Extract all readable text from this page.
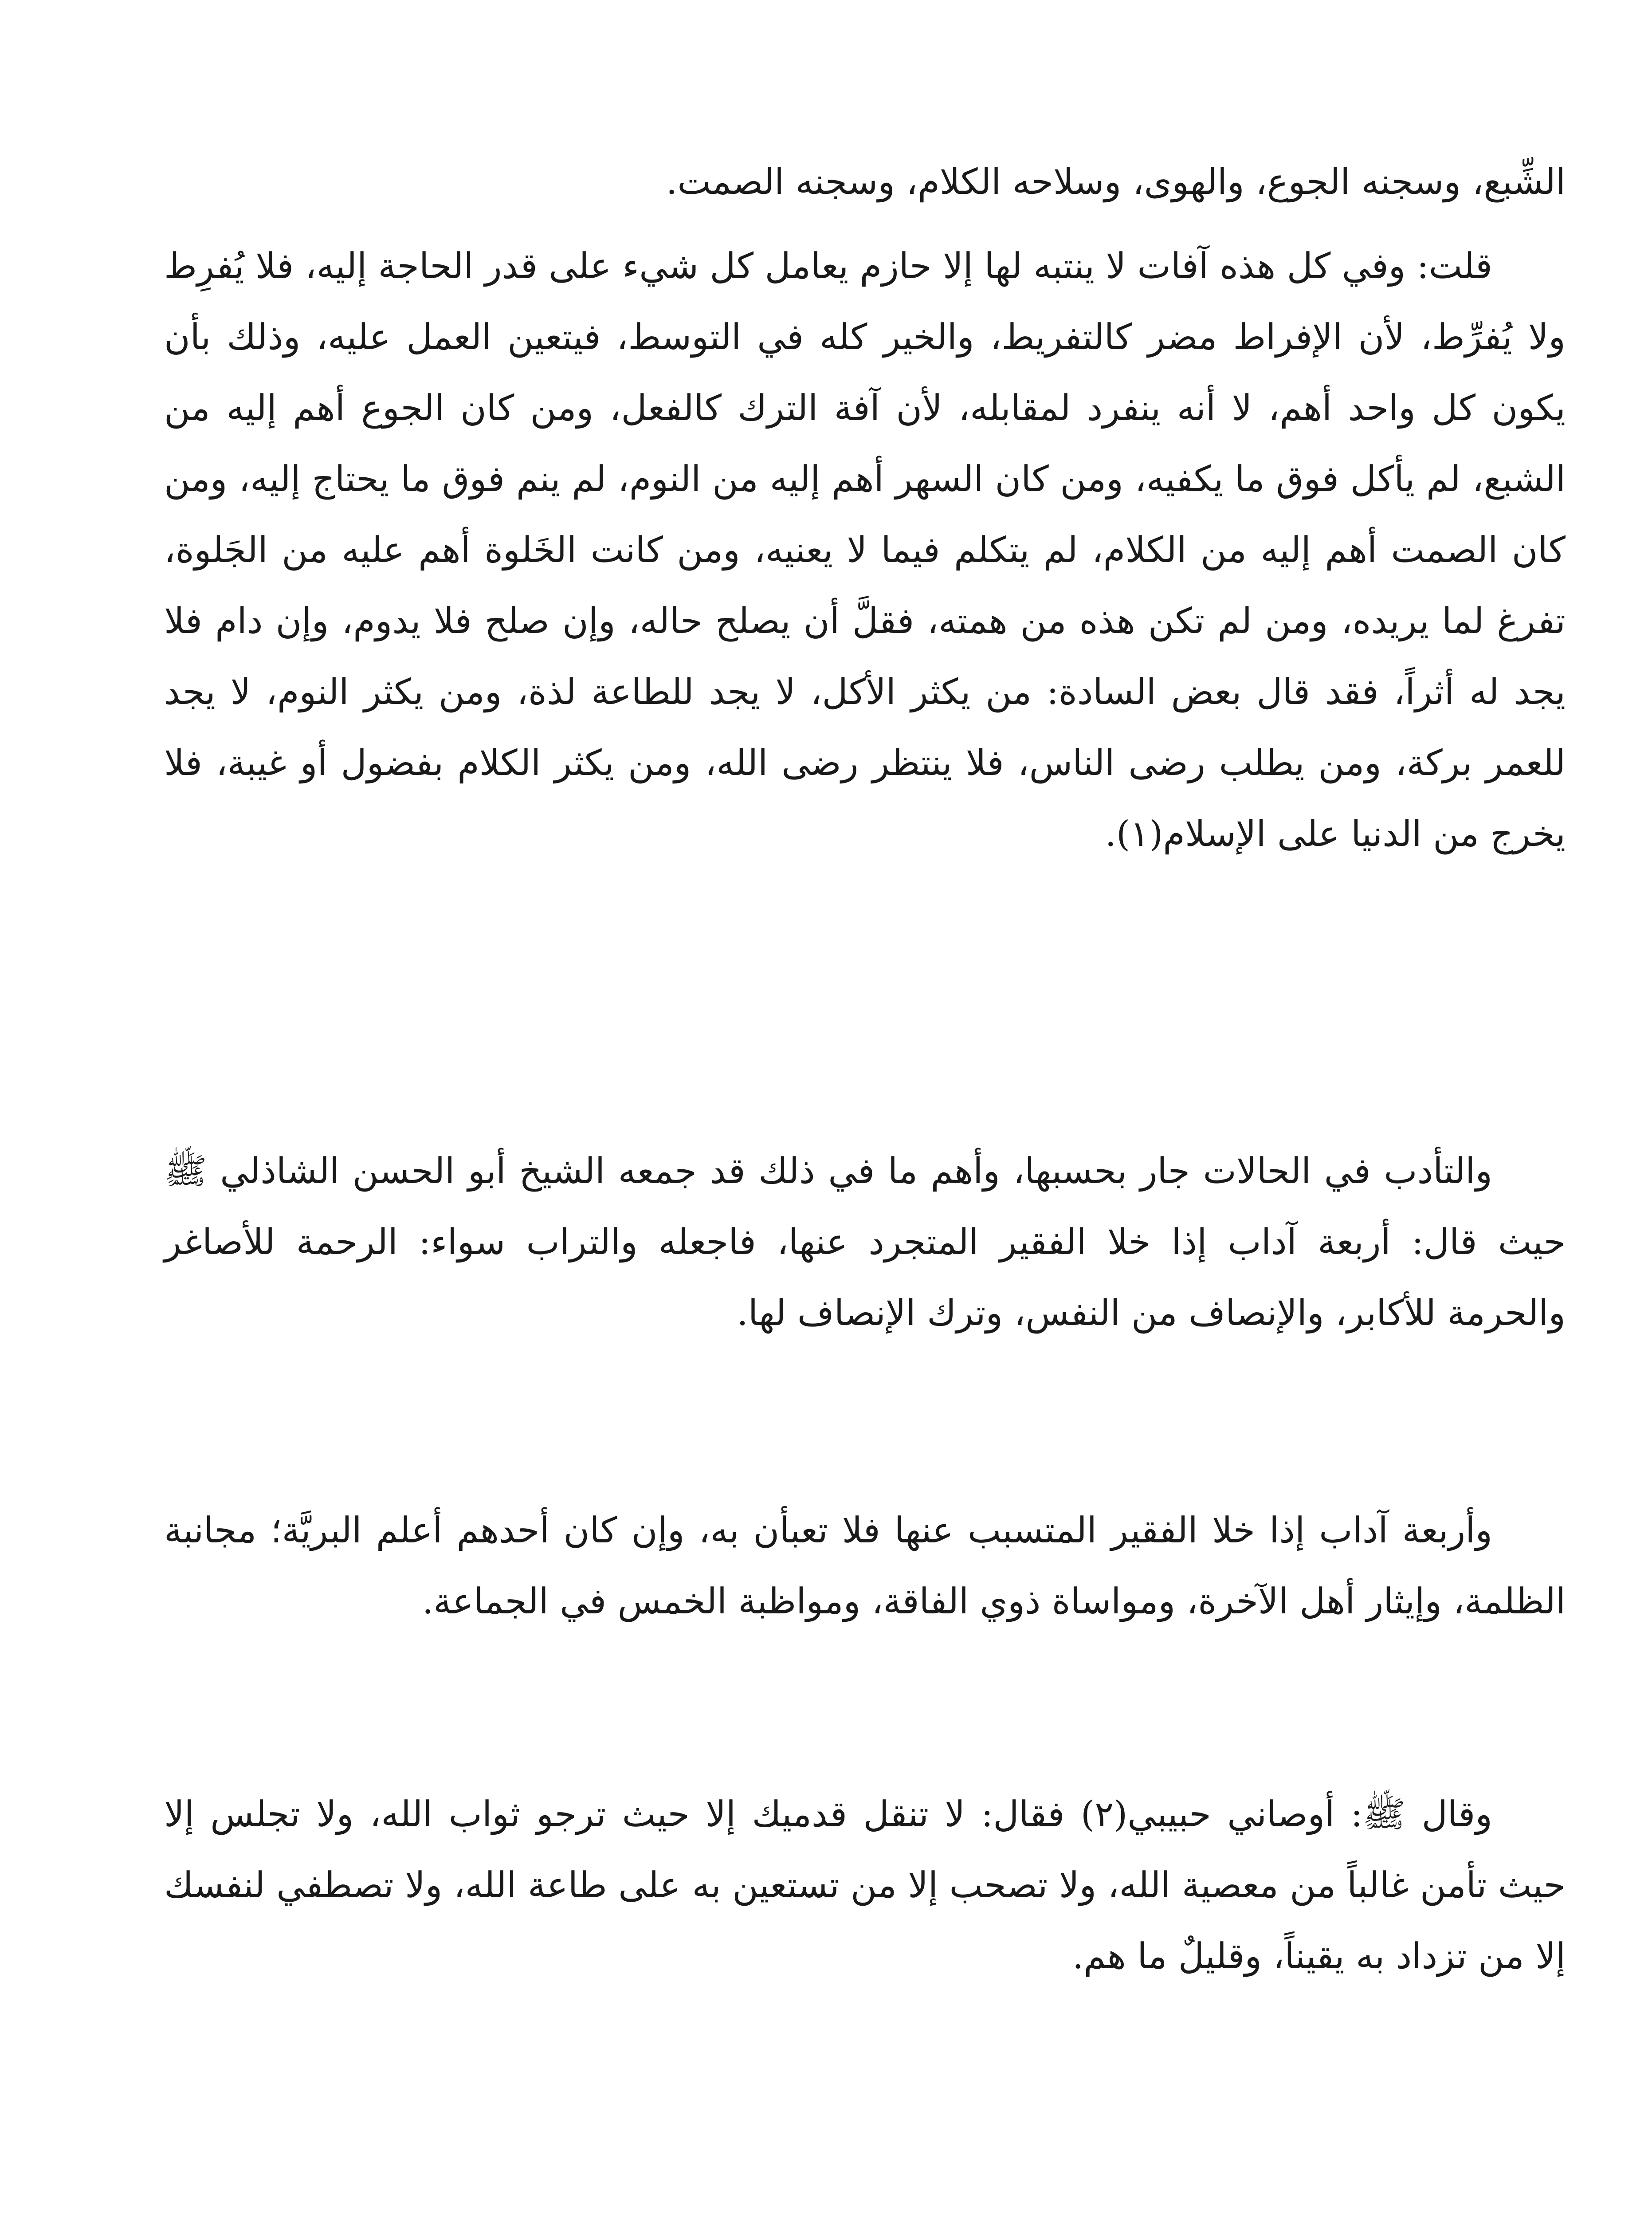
الشِّبع، وسجنه الجوع، والهوى، وسلاحه الكلام، وسجنه الصمت.

قلت: وفي كل هذه آفات لا ينتبه لها إلا حازم يعامل كل شيء على قدر الحاجة إليه، فلا يُفرِط ولا يُفرِّط، لأن الإفراط مضر كالتفريط، والخير كله في التوسط، فيتعين العمل عليه، وذلك بأن يكون كل واحد أهم، لا أنه ينفرد لمقابله، لأن آفة الترك كالفعل، ومن كان الجوع أهم إليه من الشبع، لم يأكل فوق ما يكفيه، ومن كان السهر أهم إليه من النوم، لم ينم فوق ما يحتاج إليه، ومن كان الصمت أهم إليه من الكلام، لم يتكلم فيما لا يعنيه، ومن كانت الخَلوة أهم عليه من الجَلوة، تفرغ لما يريده، ومن لم تكن هذه من همته، فقلَّ أن يصلح حاله، وإن صلح فلا يدوم، وإن دام فلا يجد له أثراً، فقد قال بعض السادة: من يكثر الأكل، لا يجد للطاعة لذة، ومن يكثر النوم، لا يجد للعمر بركة، ومن يطلب رضى الناس، فلا ينتظر رضى الله، ومن يكثر الكلام بفضول أو غيبة، فلا يخرج من الدنيا على الإسلام(١).

والتأدب في الحالات جار بحسبها، وأهم ما في ذلك قد جمعه الشيخ أبو الحسن الشاذلي ﷺ حيث قال: أربعة آداب إذا خلا الفقير المتجرد عنها، فاجعله والتراب سواء: الرحمة للأصاغر والحرمة للأكابر، والإنصاف من النفس، وترك الإنصاف لها.

وأربعة آداب إذا خلا الفقير المتسبب عنها فلا تعبأن به، وإن كان أحدهم أعلم البريَّة؛ مجانبة الظلمة، وإيثار أهل الآخرة، ومواساة ذوي الفاقة، ومواظبة الخمس في الجماعة.

وقال ﷺ: أوصاني حبيبي(٢) فقال: لا تنقل قدميك إلا حيث ترجو ثواب الله، ولا تجلس إلا حيث تأمن غالباً من معصية الله، ولا تصحب إلا من تستعين به على طاعة الله، ولا تصطفي لنفسك إلا من تزداد به يقيناً، وقليلٌ ما هم.
